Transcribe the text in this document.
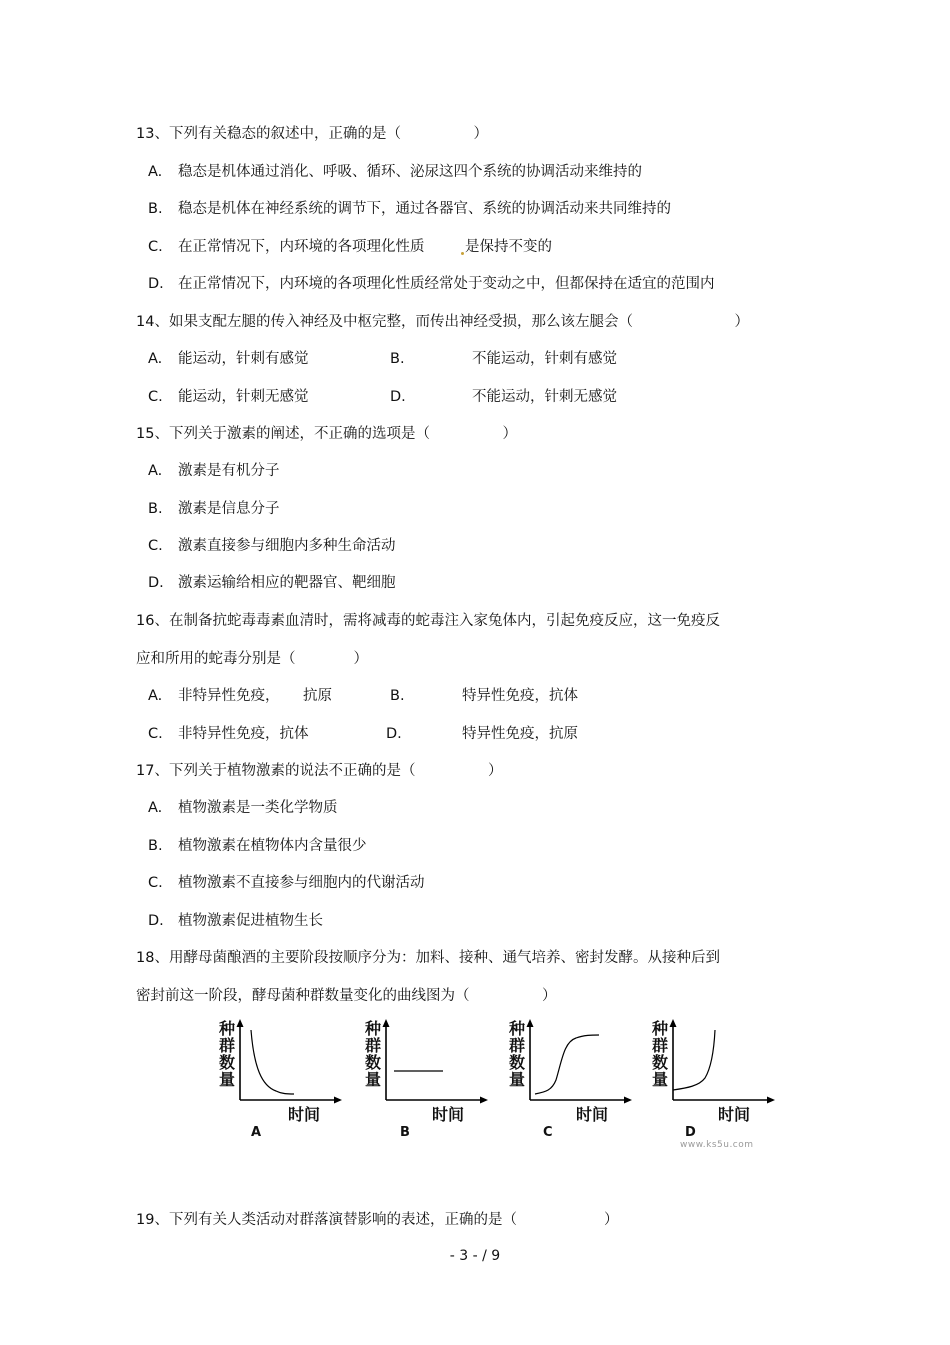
13、下列有关稳态的叙述中，正确的是（　　　　　）
A. 稳态是机体通过消化、呼吸、循环、泌尿这四个系统的协调活动来维持的
B. 稳态是机体在神经系统的调节下，通过各器官、系统的协调活动来共同维持的
C. 在正常情况下，内环境的各项理化性质	是保持不变的
D. 在正常情况下，内环境的各项理化性质经常处于变动之中，但都保持在适宜的范围内
14、如果支配左腿的传入神经及中枢完整，而传出神经受损，那么该左腿会（　　　　　　　）
A. 能运动，针刺有感觉	B.	不能运动，针刺有感觉
C. 能运动，针刺无感觉	D.	不能运动，针刺无感觉
15、下列关于激素的阐述，不正确的选项是（　　　　　）
A. 激素是有机分子
B. 激素是信息分子
C. 激素直接参与细胞内多种生命活动
D. 激素运输给相应的靶器官、靶细胞
16、在制备抗蛇毒毒素血清时，需将减毒的蛇毒注入家兔体内，引起免疫反应，这一免疫反
应和所用的蛇毒分别是（　　　　）
A. 非特异性免疫， 抗原	B.	特异性免疫，抗体
C. 非特异性免疫，抗体	D.	特异性免疫，抗原
17、下列关于植物激素的说法不正确的是（　　　　　）
A. 植物激素是一类化学物质
B. 植物激素在植物体内含量很少
C. 植物激素不直接参与细胞内的代谢活动
D. 植物激素促进植物生长
18、用酵母菌酿酒的主要阶段按顺序分为：加料、接种、通气培养、密封发酵。从接种后到
密封前这一阶段，酵母菌种群数量变化的曲线图为（　　　　　）
种
群
数
量
时间
A
种
群
数
量
时间
B
种
群
数
量
时间
C
种
群
数
量
时间
D
www.ks5u.com
19、下列有关人类活动对群落演替影响的表述，正确的是（　　　　　　）
- 3 - / 9
